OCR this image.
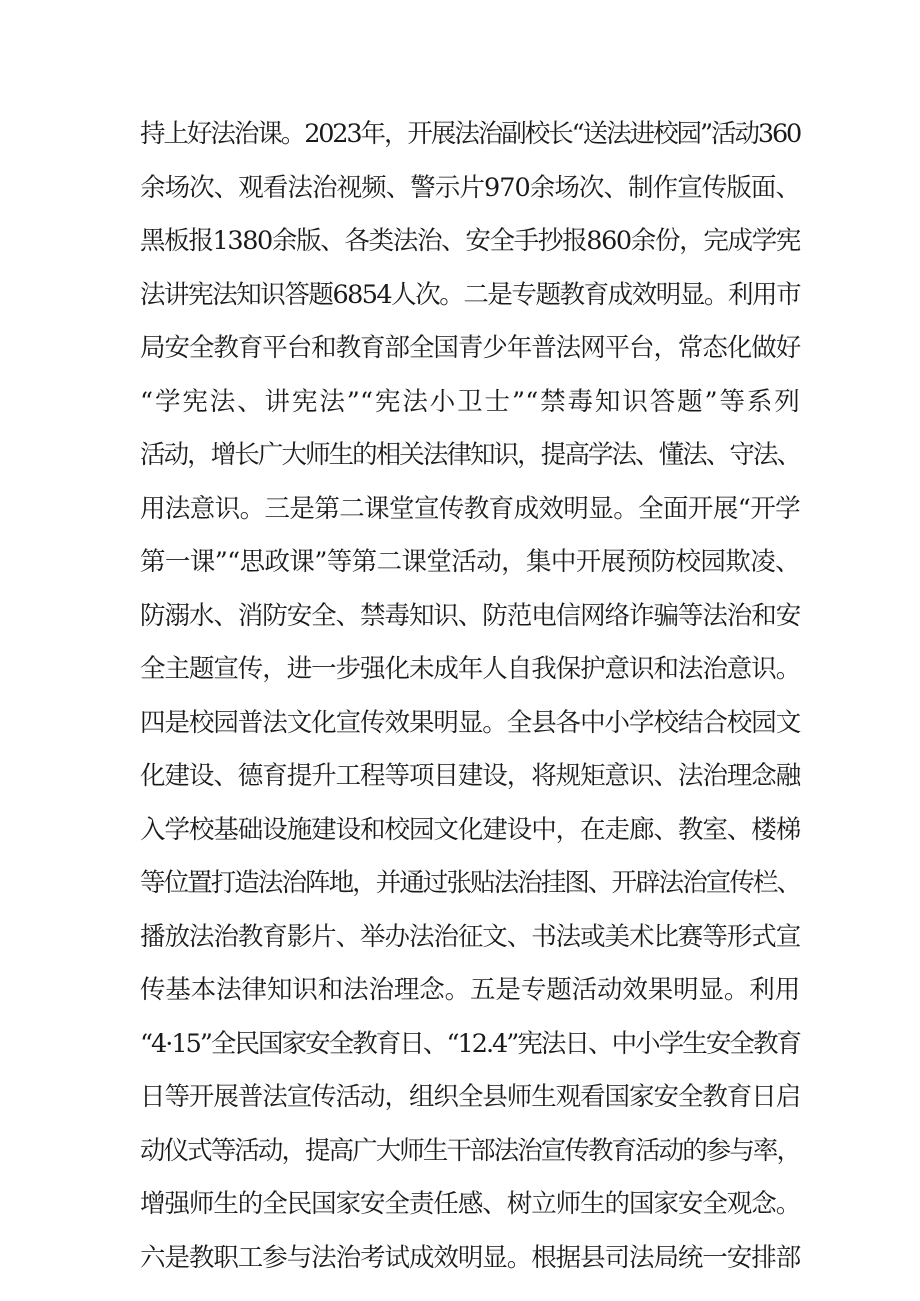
持上好法治课。2023年，开展法治副校长“送法进校园”活动360
余场次、观看法治视频、警示片970余场次、制作宣传版面、
黑板报1380余版、各类法治、安全手抄报860余份，完成学宪
法讲宪法知识答题6854人次。二是专题教育成效明显。利用市
局安全教育平台和教育部全国青少年普法网平台，常态化做好
“学宪法、讲宪法”“宪法小卫士”“禁毒知识答题”等系列
活动，增长广大师生的相关法律知识，提高学法、懂法、守法、
用法意识。三是第二课堂宣传教育成效明显。全面开展“开学
第一课”“思政课”等第二课堂活动，集中开展预防校园欺凌、
防溺水、消防安全、禁毒知识、防范电信网络诈骗等法治和安
全主题宣传，进一步强化未成年人自我保护意识和法治意识。
四是校园普法文化宣传效果明显。全县各中小学校结合校园文
化建设、德育提升工程等项目建设，将规矩意识、法治理念融
入学校基础设施建设和校园文化建设中，在走廊、教室、楼梯
等位置打造法治阵地，并通过张贴法治挂图、开辟法治宣传栏、
播放法治教育影片、举办法治征文、书法或美术比赛等形式宣
传基本法律知识和法治理念。五是专题活动效果明显。利用
“4·15”全民国家安全教育日、“12.4”宪法日、中小学生安全教育
日等开展普法宣传活动，组织全县师生观看国家安全教育日启
动仪式等活动，提高广大师生干部法治宣传教育活动的参与率，
增强师生的全民国家安全责任感、树立师生的国家安全观念。
六是教职工参与法治考试成效明显。根据县司法局统一安排部
